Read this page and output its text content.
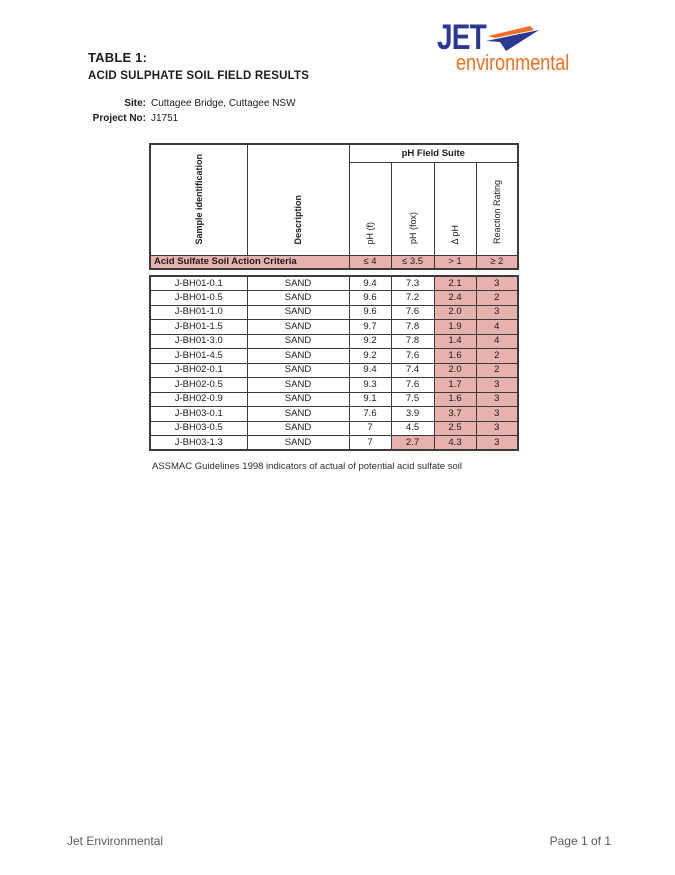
JET
environmental
TABLE 1:
ACID SULPHATE SOIL FIELD RESULTS
Site: Cuttagee Bridge, Cuttagee NSW
Project No: J1751
Sample identification	Description	pH Field Suite			
		pH (f)	pH (fox)	Δ pH	Reaction Rating
Acid Sulfate Soil Action Criteria		≤ 4	≤ 3.5	> 1	≥ 2
J-BH01-0.1	SAND	9.4	7.3	2.1	3
J-BH01-0.5	SAND	9.6	7.2	2.4	2
J-BH01-1.0	SAND	9.6	7.6	2.0	3
J-BH01-1.5	SAND	9.7	7.8	1.9	4
J-BH01-3.0	SAND	9.2	7.8	1.4	4
J-BH01-4.5	SAND	9.2	7.6	1.6	2
J-BH02-0.1	SAND	9.4	7.4	2.0	2
J-BH02-0.5	SAND	9.3	7.6	1.7	3
J-BH02-0.9	SAND	9.1	7.5	1.6	3
J-BH03-0.1	SAND	7.6	3.9	3.7	3
J-BH03-0.5	SAND	7	4.5	2.5	3
J-BH03-1.3	SAND	7	2.7	4.3	3
ASSMAC Guidelines 1998 indicators of actual of potential acid sulfate soil
Jet Environmental	Page 1 of 1
